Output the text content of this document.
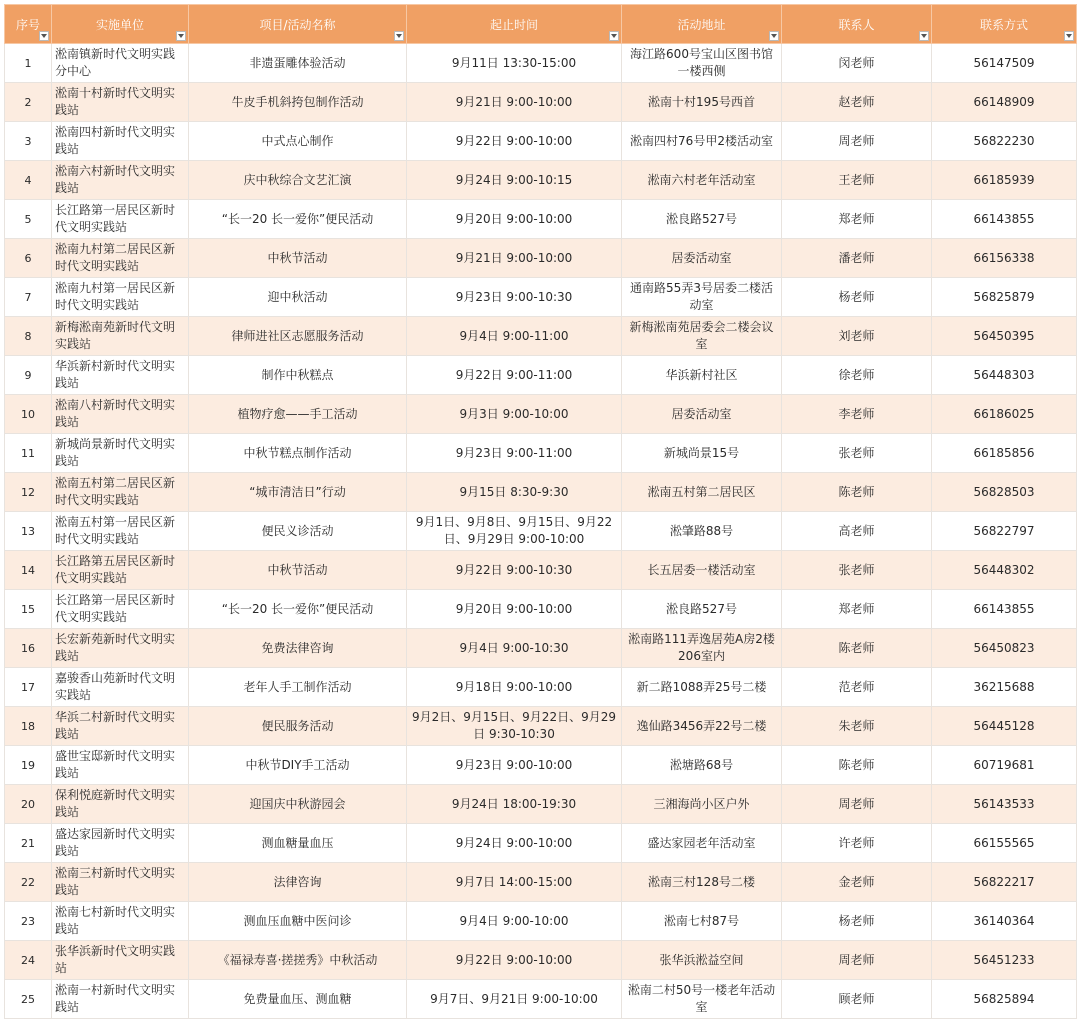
序号	实施单位	项目/活动名称	起止时间	活动地址	联系人	联系方式

1	淞南镇新时代文明实践分中心	非遗蛋雕体验活动	9月11日 13:30-15:00	海江路600号宝山区图书馆一楼西侧	闵老师	56147509
2	淞南十村新时代文明实践站	牛皮手机斜挎包制作活动	9月21日 9:00-10:00	淞南十村195号西首	赵老师	66148909
3	淞南四村新时代文明实践站	中式点心制作	9月22日 9:00-10:00	淞南四村76号甲2楼活动室	周老师	56822230
4	淞南六村新时代文明实践站	庆中秋综合文艺汇演	9月24日 9:00-10:15	淞南六村老年活动室	王老师	66185939
5	长江路第一居民区新时代文明实践站	“长一20 长一爱你”便民活动	9月20日 9:00-10:00	淞良路527号	郑老师	66143855
6	淞南九村第二居民区新时代文明实践站	中秋节活动	9月21日 9:00-10:00	居委活动室	潘老师	66156338
7	淞南九村第一居民区新时代文明实践站	迎中秋活动	9月23日 9:00-10:30	通南路55弄3号居委二楼活动室	杨老师	56825879
8	新梅淞南苑新时代文明实践站	律师进社区志愿服务活动	9月4日 9:00-11:00	新梅淞南苑居委会二楼会议室	刘老师	56450395
9	华浜新村新时代文明实践站	制作中秋糕点	9月22日 9:00-11:00	华浜新村社区	徐老师	56448303
10	淞南八村新时代文明实践站	植物疗愈——手工活动	9月3日 9:00-10:00	居委活动室	李老师	66186025
11	新城尚景新时代文明实践站	中秋节糕点制作活动	9月23日 9:00-11:00	新城尚景15号	张老师	66185856
12	淞南五村第二居民区新时代文明实践站	“城市清洁日”行动	9月15日 8:30-9:30	淞南五村第二居民区	陈老师	56828503
13	淞南五村第一居民区新时代文明实践站	便民义诊活动	9月1日、9月8日、9月15日、9月22日、9月29日 9:00-10:00	淞肇路88号	高老师	56822797
14	长江路第五居民区新时代文明实践站	中秋节活动	9月22日 9:00-10:30	长五居委一楼活动室	张老师	56448302
15	长江路第一居民区新时代文明实践站	“长一20 长一爱你”便民活动	9月20日 9:00-10:00	淞良路527号	郑老师	66143855
16	长宏新苑新时代文明实践站	免费法律咨询	9月4日 9:00-10:30	淞南路111弄逸居苑A房2楼206室内	陈老师	56450823
17	嘉骏香山苑新时代文明实践站	老年人手工制作活动	9月18日 9:00-10:00	新二路1088弄25号二楼	范老师	36215688
18	华浜二村新时代文明实践站	便民服务活动	9月2日、9月15日、9月22日、9月29日 9:30-10:30	逸仙路3456弄22号二楼	朱老师	56445128
19	盛世宝邸新时代文明实践站	中秋节DIY手工活动	9月23日 9:00-10:00	淞塘路68号	陈老师	60719681
20	保利悦庭新时代文明实践站	迎国庆中秋游园会	9月24日 18:00-19:30	三湘海尚小区户外	周老师	56143533
21	盛达家园新时代文明实践站	测血糖量血压	9月24日 9:00-10:00	盛达家园老年活动室	许老师	66155565
22	淞南三村新时代文明实践站	法律咨询	9月7日 14:00-15:00	淞南三村128号二楼	金老师	56822217
23	淞南七村新时代文明实践站	测血压血糖中医问诊	9月4日 9:00-10:00	淞南七村87号	杨老师	36140364
24	张华浜新时代文明实践站	《福禄寿喜·搓搓秀》中秋活动	9月22日 9:00-10:00	张华浜淞益空间	周老师	56451233
25	淞南一村新时代文明实践站	免费量血压、测血糖	9月7日、9月21日 9:00-10:00	淞南二村50号一楼老年活动室	顾老师	56825894
